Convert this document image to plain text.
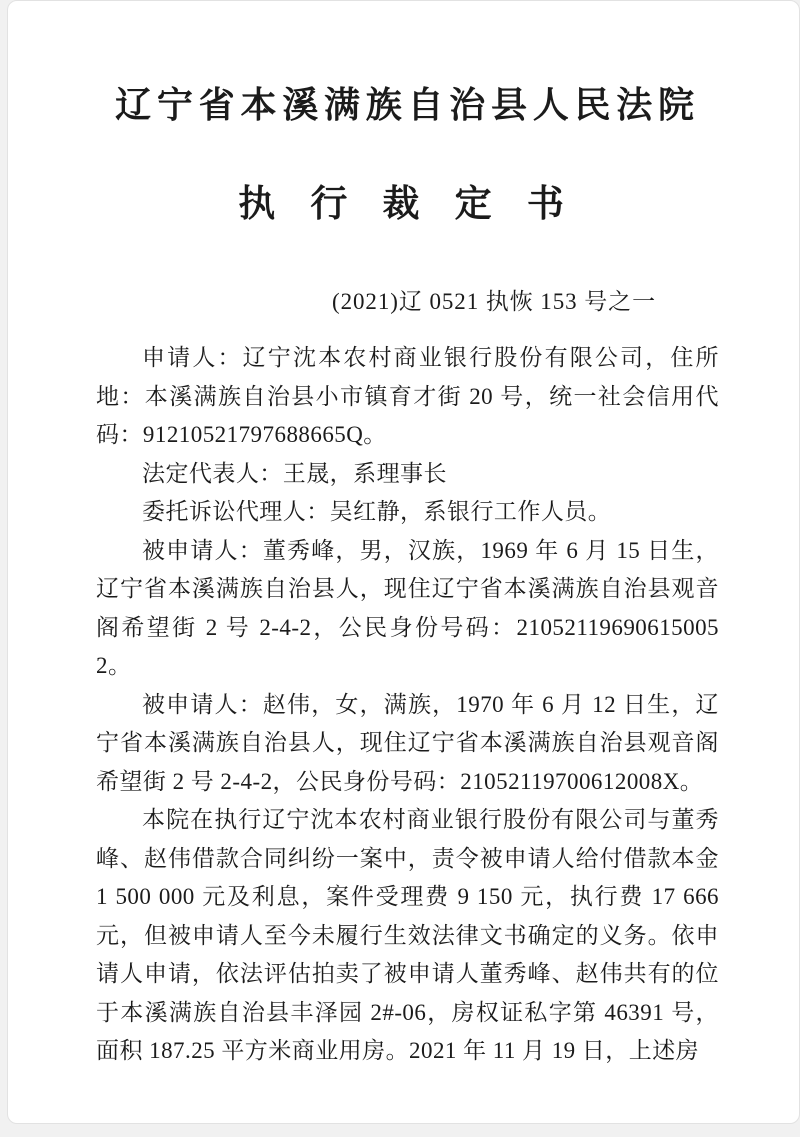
辽宁省本溪满族自治县人民法院
执 行 裁 定 书
(2021)辽 0521 执恢 153 号之一

申请人：辽宁沈本农村商业银行股份有限公司，住所地：本溪满族自治县小市镇育才街 20 号，统一社会信用代码：91210521797688665Q。

法定代表人：王晟，系理事长

委托诉讼代理人：吴红静，系银行工作人员。

被申请人：董秀峰，男，汉族，1969 年 6 月 15 日生，辽宁省本溪满族自治县人，现住辽宁省本溪满族自治县观音阁希望街 2 号 2-4-2，公民身份号码：210521196906150052。

被申请人：赵伟，女，满族，1970 年 6 月 12 日生，辽宁省本溪满族自治县人，现住辽宁省本溪满族自治县观音阁希望街 2 号 2-4-2，公民身份号码：21052119700612008X。

本院在执行辽宁沈本农村商业银行股份有限公司与董秀峰、赵伟借款合同纠纷一案中，责令被申请人给付借款本金 1 500 000 元及利息，案件受理费 9 150 元，执行费 17 666 元，但被申请人至今未履行生效法律文书确定的义务。依申请人申请，依法评估拍卖了被申请人董秀峰、赵伟共有的位于本溪满族自治县丰泽园 2#-06，房权证私字第 46391 号，面积 187.25 平方米商业用房。2021 年 11 月 19 日，上述房
